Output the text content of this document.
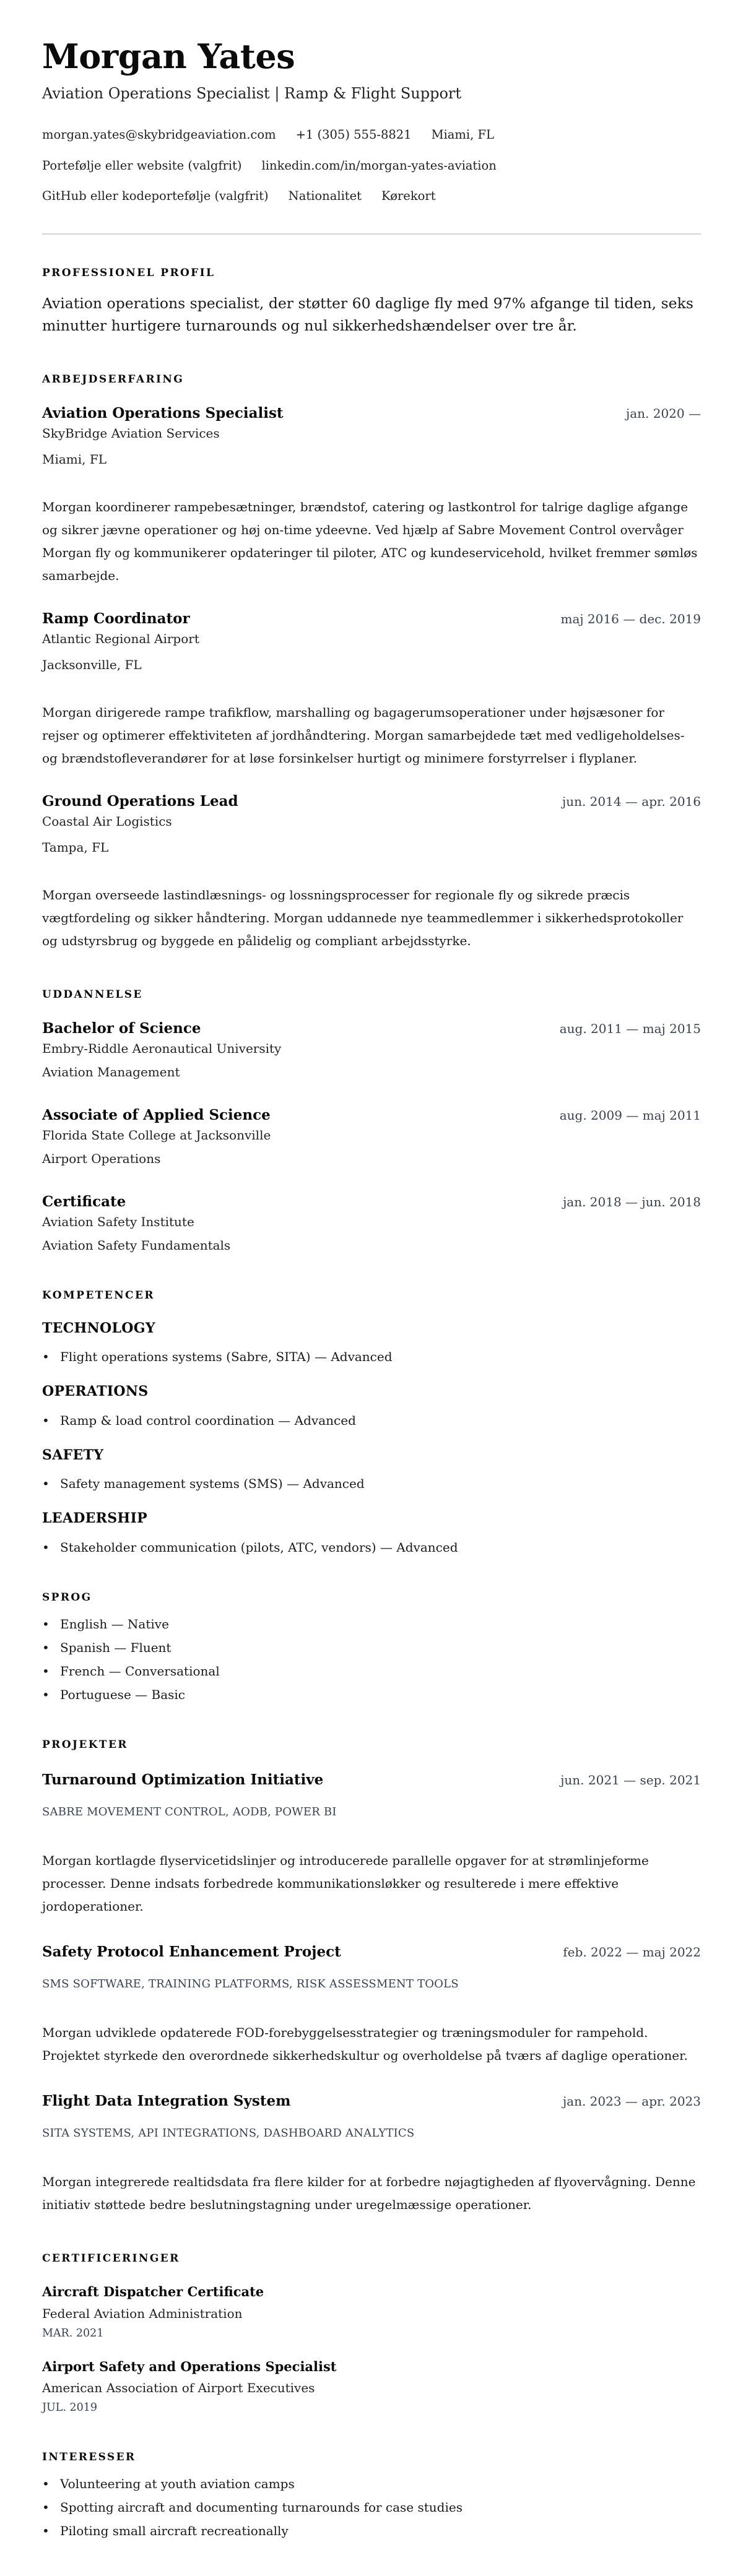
Morgan Yates
Aviation Operations Specialist | Ramp & Flight Support
morgan.yates@skybridgeaviation.com +1 (305) 555-8821 Miami, FL
Portefølje eller website (valgfrit) linkedin.com/in/morgan-yates-aviation
GitHub eller kodeportefølje (valgfrit) Nationalitet Kørekort
PROFESSIONEL PROFIL

Aviation operations specialist, der støtter 60 daglige fly med 97% afgange til tiden, seks minutter hurtigere turnarounds og nul sikkerhedshændelser over tre år.

ARBEJDSERFARING
Aviation Operations Specialist	jan. 2020 —
SkyBridge Aviation Services
Miami, FL

Morgan koordinerer rampebesætninger, brændstof, catering og lastkontrol for talrige daglige afgange og sikrer jævne operationer og høj on-time ydeevne. Ved hjælp af Sabre Movement Control overvåger Morgan fly og kommunikerer opdateringer til piloter, ATC og kundeservicehold, hvilket fremmer sømløs samarbejde.

Ramp Coordinator	maj 2016 — dec. 2019
Atlantic Regional Airport
Jacksonville, FL

Morgan dirigerede rampe trafikflow, marshalling og bagagerumsoperationer under højsæsoner for rejser og optimerer effektiviteten af jordhåndtering. Morgan samarbejdede tæt med vedligeholdelses- og brændstofleverandører for at løse forsinkelser hurtigt og minimere forstyrrelser i flyplaner.

Ground Operations Lead	jun. 2014 — apr. 2016
Coastal Air Logistics
Tampa, FL

Morgan overseede lastindlæsnings- og lossningsprocesser for regionale fly og sikrede præcis vægtfordeling og sikker håndtering. Morgan uddannede nye teammedlemmer i sikkerhedsprotokoller og udstyrsbrug og byggede en pålidelig og compliant arbejdsstyrke.

UDDANNELSE
Bachelor of Science	aug. 2011 — maj 2015
Embry-Riddle Aeronautical University
Aviation Management
Associate of Applied Science	aug. 2009 — maj 2011
Florida State College at Jacksonville
Airport Operations
Certificate	jan. 2018 — jun. 2018
Aviation Safety Institute
Aviation Safety Fundamentals
KOMPETENCER
TECHNOLOGY
• Flight operations systems (Sabre, SITA) — Advanced
OPERATIONS
• Ramp & load control coordination — Advanced
SAFETY
• Safety management systems (SMS) — Advanced
LEADERSHIP
• Stakeholder communication (pilots, ATC, vendors) — Advanced
SPROG
• English — Native
• Spanish — Fluent
• French — Conversational
• Portuguese — Basic
PROJEKTER
Turnaround Optimization Initiative	jun. 2021 — sep. 2021
SABRE MOVEMENT CONTROL, AODB, POWER BI

Morgan kortlagde flyservicetidslinjer og introducerede parallelle opgaver for at strømlinjeforme processer. Denne indsats forbedrede kommunikationsløkker og resulterede i mere effektive jordoperationer.

Safety Protocol Enhancement Project	feb. 2022 — maj 2022
SMS SOFTWARE, TRAINING PLATFORMS, RISK ASSESSMENT TOOLS

Morgan udviklede opdaterede FOD-forebyggelsesstrategier og træningsmoduler for rampehold. Projektet styrkede den overordnede sikkerhedskultur og overholdelse på tværs af daglige operationer.

Flight Data Integration System	jan. 2023 — apr. 2023
SITA SYSTEMS, API INTEGRATIONS, DASHBOARD ANALYTICS

Morgan integrerede realtidsdata fra flere kilder for at forbedre nøjagtigheden af flyovervågning. Denne initiativ støttede bedre beslutningstagning under uregelmæssige operationer.

CERTIFICERINGER
Aircraft Dispatcher Certificate
Federal Aviation Administration
MAR. 2021
Airport Safety and Operations Specialist
American Association of Airport Executives
JUL. 2019
INTERESSER
• Volunteering at youth aviation camps
• Spotting aircraft and documenting turnarounds for case studies
• Piloting small aircraft recreationally
